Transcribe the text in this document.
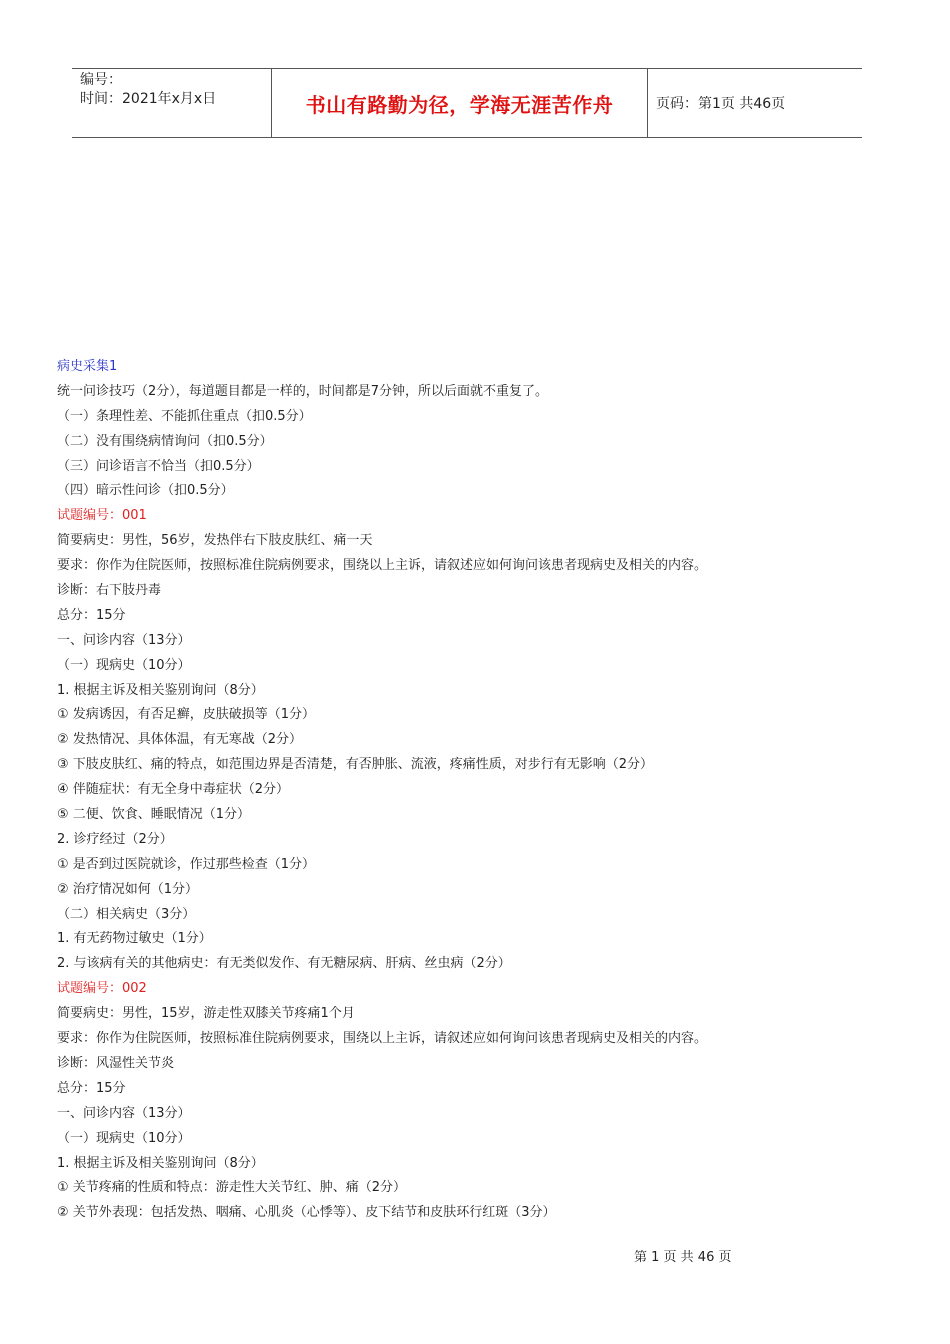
编号：
时间：2021年x月x日	书山有路勤为径，学海无涯苦作舟	页码：第1页 共46页
病史采集1
统一问诊技巧（2分），每道题目都是一样的，时间都是7分钟，所以后面就不重复了。
（一）条理性差、不能抓住重点（扣0.5分）
（二）没有围绕病情询问（扣0.5分）
（三）问诊语言不恰当（扣0.5分）
（四）暗示性问诊（扣0.5分）
试题编号：001
简要病史：男性，56岁，发热伴右下肢皮肤红、痛一天
要求：你作为住院医师，按照标准住院病例要求，围绕以上主诉，请叙述应如何询问该患者现病史及相关的内容。
诊断：右下肢丹毒
总分：15分
一、问诊内容（13分）
（一）现病史（10分）
1. 根据主诉及相关鉴别询问（8分）
① 发病诱因，有否足癣，皮肤破损等（1分）
② 发热情况、具体体温，有无寒战（2分）
③ 下肢皮肤红、痛的特点，如范围边界是否清楚，有否肿胀、流液，疼痛性质，对步行有无影响（2分）
④ 伴随症状：有无全身中毒症状（2分）
⑤ 二便、饮食、睡眠情况（1分）
2. 诊疗经过（2分）
① 是否到过医院就诊，作过那些检查（1分）
② 治疗情况如何（1分）
（二）相关病史（3分）
1. 有无药物过敏史（1分）
2. 与该病有关的其他病史：有无类似发作、有无糖尿病、肝病、丝虫病（2分）
试题编号：002
简要病史：男性，15岁，游走性双膝关节疼痛1个月
要求：你作为住院医师，按照标准住院病例要求，围绕以上主诉，请叙述应如何询问该患者现病史及相关的内容。
诊断：风湿性关节炎
总分：15分
一、问诊内容（13分）
（一）现病史（10分）
1. 根据主诉及相关鉴别询问（8分）
① 关节疼痛的性质和特点：游走性大关节红、肿、痛（2分）
② 关节外表现：包括发热、咽痛、心肌炎（心悸等）、皮下结节和皮肤环行红斑（3分）
第 1 页 共 46 页
